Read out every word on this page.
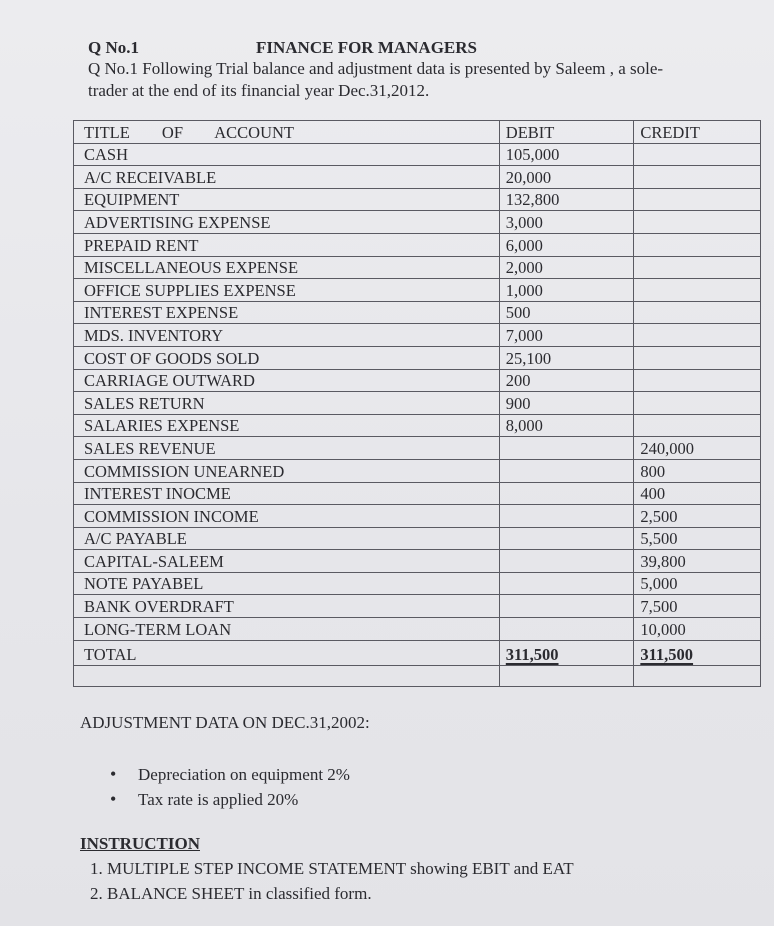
Q No.1	FINANCE FOR MANAGERS
Q No.1 Following Trial balance and adjustment data is presented by Saleem , a sole-
trader at the end of its financial year Dec.31,2012.
TITLE OF ACCOUNT	DEBIT	CREDIT
CASH	105,000	
A/C RECEIVABLE	20,000	
EQUIPMENT	132,800	
ADVERTISING EXPENSE	3,000	
PREPAID RENT	6,000	
MISCELLANEOUS EXPENSE	2,000	
OFFICE SUPPLIES EXPENSE	1,000	
INTEREST EXPENSE	500	
MDS. INVENTORY	7,000	
COST OF GOODS SOLD	25,100	
CARRIAGE OUTWARD	200	
SALES RETURN	900	
SALARIES EXPENSE	8,000	
SALES REVENUE		240,000
COMMISSION UNEARNED		800
INTEREST INOCME		400
COMMISSION INCOME		2,500
A/C PAYABLE		5,500
CAPITAL-SALEEM		39,800
NOTE PAYABEL		5,000
BANK OVERDRAFT		7,500
LONG-TERM LOAN		10,000
TOTAL	311,500	311,500

ADJUSTMENT DATA ON DEC.31,2002:
• Depreciation on equipment 2%
• Tax rate is applied 20%
INSTRUCTION
1. MULTIPLE STEP INCOME STATEMENT showing EBIT and EAT
2. BALANCE SHEET in classified form.
